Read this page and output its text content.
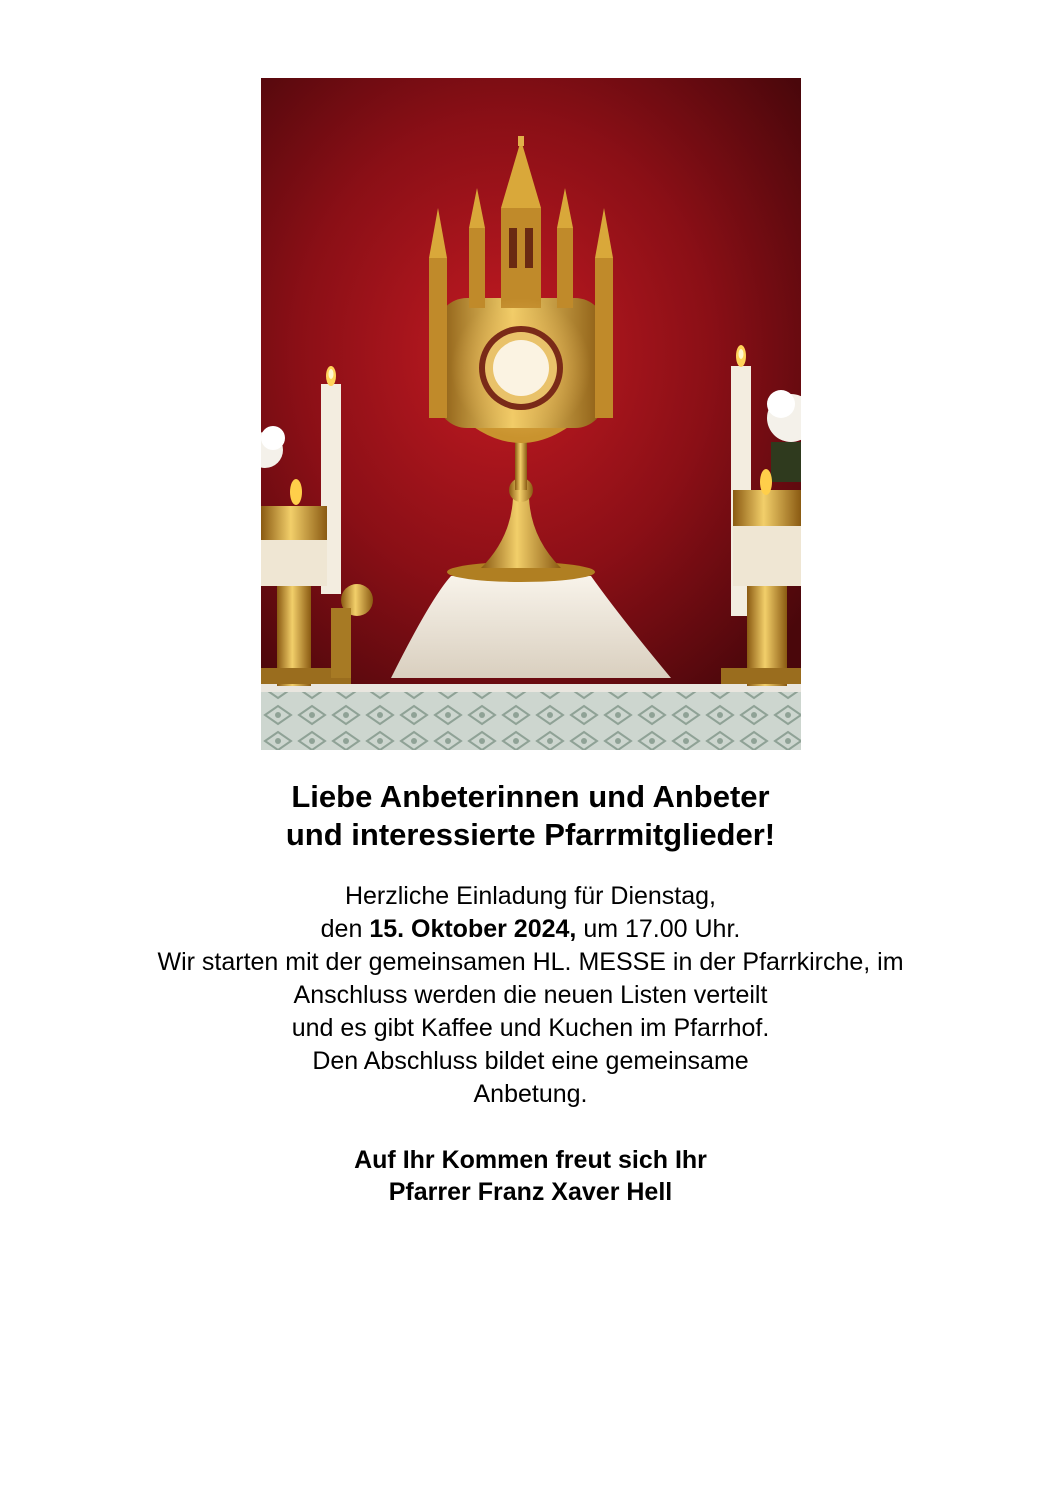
Liebe Anbeterinnen und Anbeter
und interessierte Pfarrmitglieder!
Herzliche Einladung für Dienstag,
den 15. Oktober 2024, um 17.00 Uhr.
Wir starten mit der gemeinsamen HL. MESSE in der Pfarrkirche, im
Anschluss werden die neuen Listen verteilt
und es gibt Kaffee und Kuchen im Pfarrhof.
Den Abschluss bildet eine gemeinsame
Anbetung.
Auf Ihr Kommen freut sich Ihr
Pfarrer Franz Xaver Hell
